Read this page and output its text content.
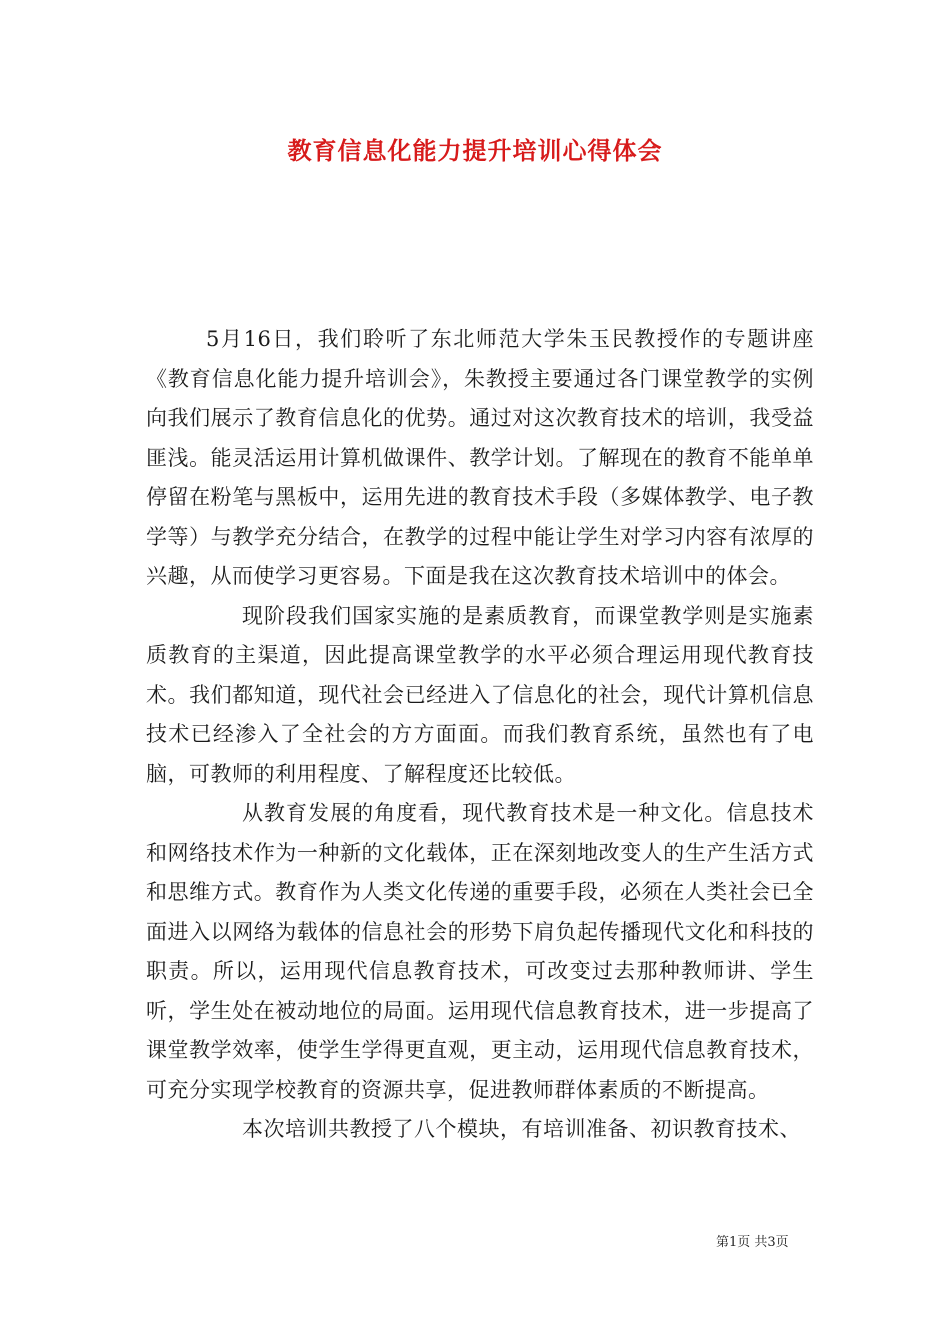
教育信息化能力提升培训心得体会

5月16日，我们聆听了东北师范大学朱玉民教授作的专题讲座《教育信息化能力提升培训会》，朱教授主要通过各门课堂教学的实例向我们展示了教育信息化的优势。通过对这次教育技术的培训，我受益匪浅。能灵活运用计算机做课件、教学计划。了解现在的教育不能单单停留在粉笔与黑板中，运用先进的教育技术手段（多媒体教学、电子教学等）与教学充分结合，在教学的过程中能让学生对学习内容有浓厚的兴趣，从而使学习更容易。下面是我在这次教育技术培训中的体会。

现阶段我们国家实施的是素质教育，而课堂教学则是实施素质教育的主渠道，因此提高课堂教学的水平必须合理运用现代教育技术。我们都知道，现代社会已经进入了信息化的社会，现代计算机信息技术已经渗入了全社会的方方面面。而我们教育系统，虽然也有了电脑，可教师的利用程度、了解程度还比较低。

从教育发展的角度看，现代教育技术是一种文化。信息技术和网络技术作为一种新的文化载体，正在深刻地改变人的生产生活方式和思维方式。教育作为人类文化传递的重要手段，必须在人类社会已全面进入以网络为载体的信息社会的形势下肩负起传播现代文化和科技的职责。所以，运用现代信息教育技术，可改变过去那种教师讲、学生听，学生处在被动地位的局面。运用现代信息教育技术，进一步提高了课堂教学效率，使学生学得更直观，更主动，运用现代信息教育技术，可充分实现学校教育的资源共享，促进教师群体素质的不断提高。

本次培训共教授了八个模块，有培训准备、初识教育技术、

第1页 共3页
